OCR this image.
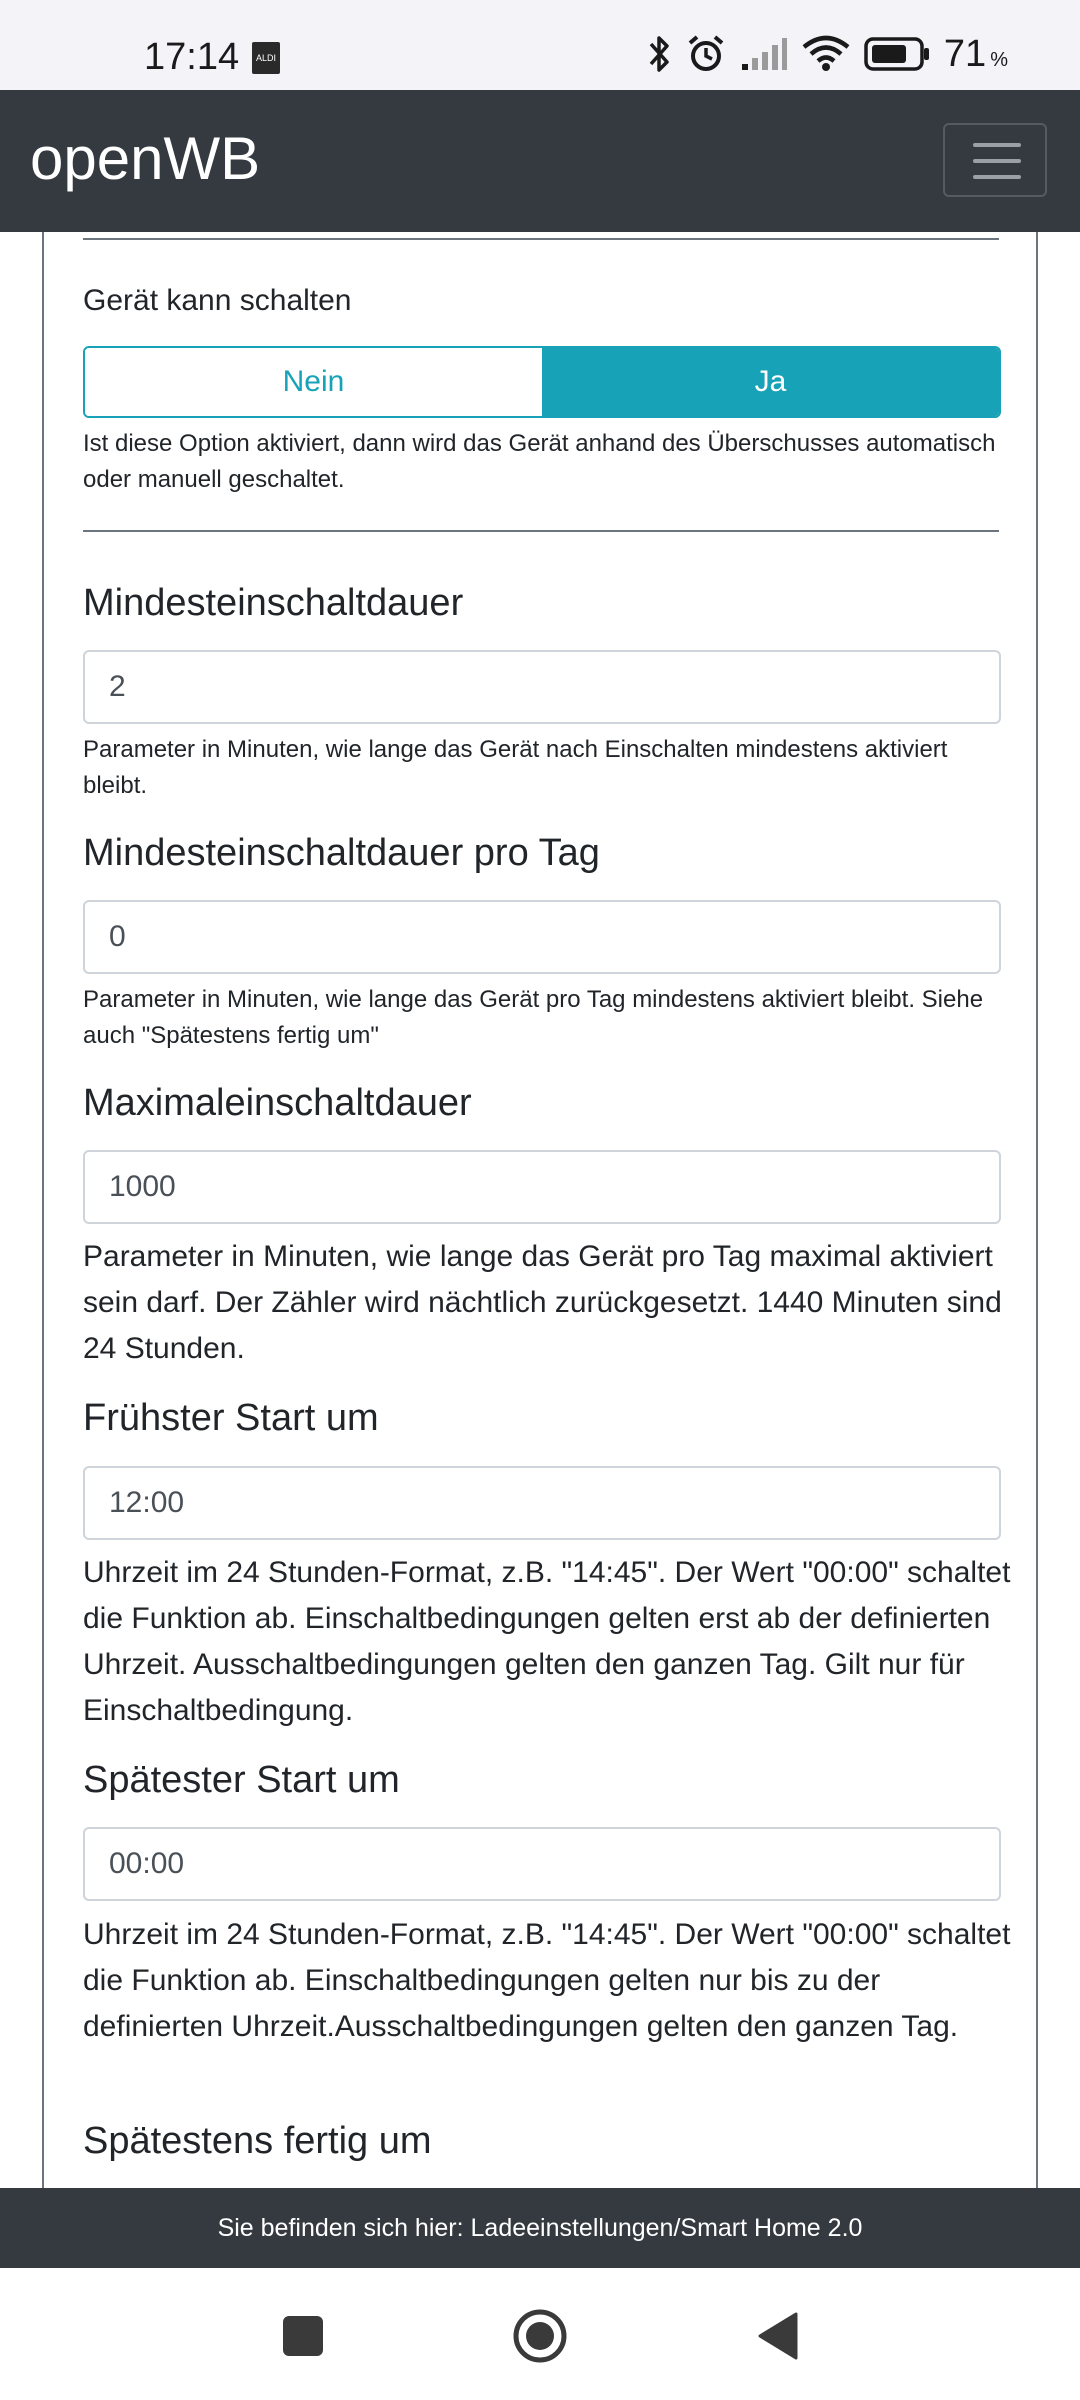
17:14	ALDI	71 %
openWB
Gerät kann schalten
Nein	Ja
Ist diese Option aktiviert, dann wird das Gerät anhand des Überschusses automatisch oder manuell geschaltet.
Mindesteinschaltdauer
2
Parameter in Minuten, wie lange das Gerät nach Einschalten mindestens aktiviert bleibt.
Mindesteinschaltdauer pro Tag
0
Parameter in Minuten, wie lange das Gerät pro Tag mindestens aktiviert bleibt. Siehe auch "Spätestens fertig um"
Maximaleinschaltdauer
1000
Parameter in Minuten, wie lange das Gerät pro Tag maximal aktiviert sein darf. Der Zähler wird nächtlich zurückgesetzt. 1440 Minuten sind 24 Stunden.
Frühster Start um
12:00
Uhrzeit im 24 Stunden-Format, z.B. "14:45". Der Wert "00:00" schaltet die Funktion ab. Einschaltbedingungen gelten erst ab der definierten Uhrzeit. Ausschaltbedingungen gelten den ganzen Tag. Gilt nur für Einschaltbedingung.
Spätester Start um
00:00
Uhrzeit im 24 Stunden-Format, z.B. "14:45". Der Wert "00:00" schaltet die Funktion ab. Einschaltbedingungen gelten nur bis zu der definierten Uhrzeit.Ausschaltbedingungen gelten den ganzen Tag.
Spätestens fertig um
Sie befinden sich hier: Ladeeinstellungen/Smart Home 2.0
